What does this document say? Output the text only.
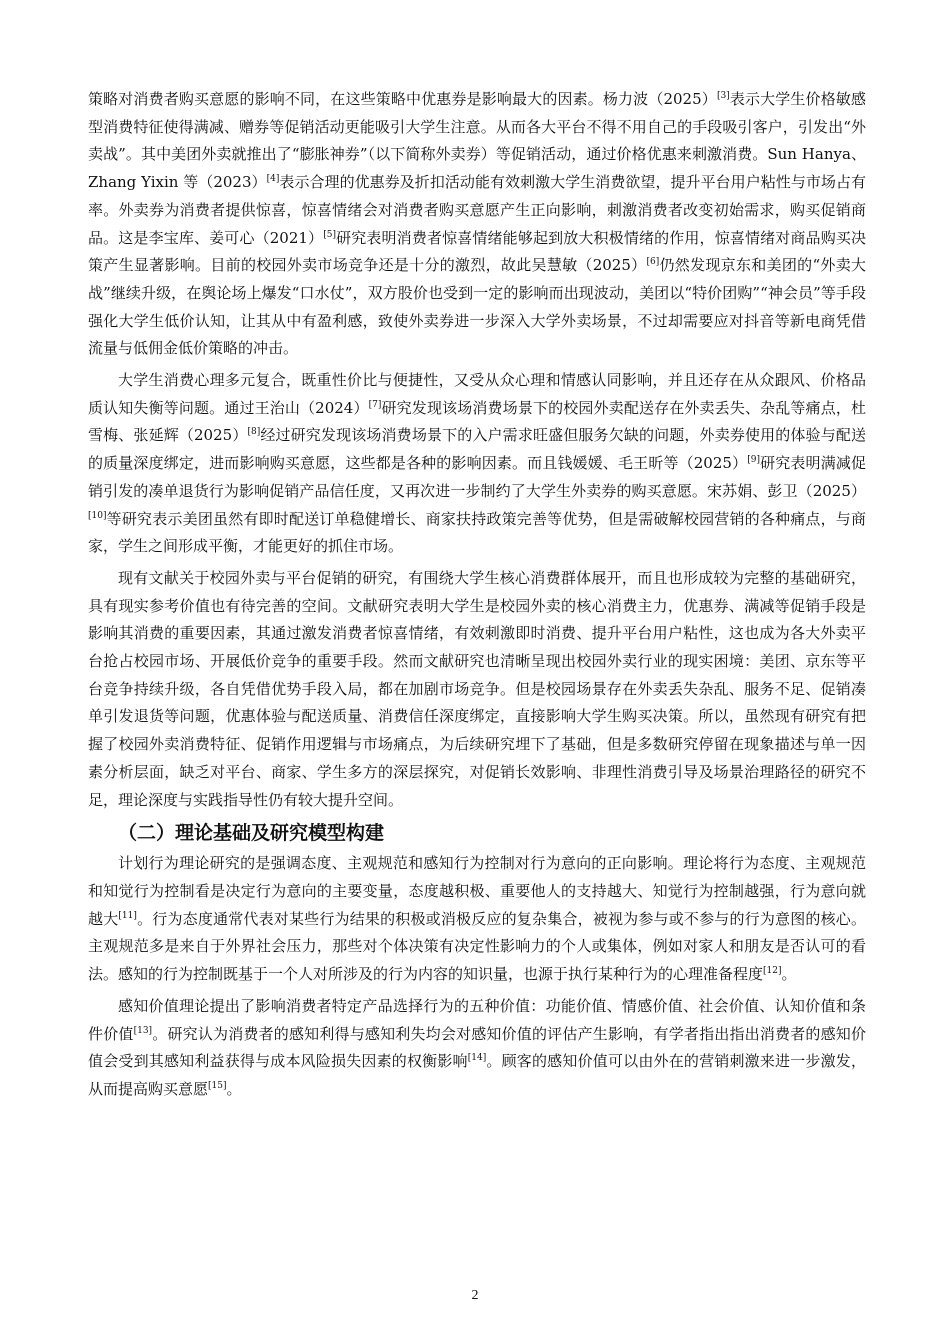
策略对消费者购买意愿的影响不同，在这些策略中优惠券是影响最大的因素。杨力波（2025）[3]表示大学生价格敏感型消费特征使得满减、赠券等促销活动更能吸引大学生注意。从而各大平台不得不用自己的手段吸引客户，引发出“外卖战”。其中美团外卖就推出了“膨胀神券”（以下简称外卖券）等促销活动，通过价格优惠来刺激消费。Sun Hanya、Zhang Yixin 等（2023）[4]表示合理的优惠券及折扣活动能有效刺激大学生消费欲望，提升平台用户粘性与市场占有率。外卖券为消费者提供惊喜，惊喜情绪会对消费者购买意愿产生正向影响，刺激消费者改变初始需求，购买促销商品。这是李宝库、姜可心（2021）[5]研究表明消费者惊喜情绪能够起到放大积极情绪的作用，惊喜情绪对商品购买决策产生显著影响。目前的校园外卖市场竞争还是十分的激烈，故此吴慧敏（2025）[6]仍然发现京东和美团的“外卖大战”继续升级，在舆论场上爆发“口水仗”，双方股价也受到一定的影响而出现波动，美团以“特价团购”“神会员”等手段强化大学生低价认知，让其从中有盈利感，致使外卖券进一步深入大学外卖场景，不过却需要应对抖音等新电商凭借流量与低佣金低价策略的冲击。

大学生消费心理多元复合，既重性价比与便捷性，又受从众心理和情感认同影响，并且还存在从众跟风、价格品质认知失衡等问题。通过王治山（2024）[7]研究发现该场消费场景下的校园外卖配送存在外卖丢失、杂乱等痛点，杜雪梅、张延辉（2025）[8]经过研究发现该场消费场景下的入户需求旺盛但服务欠缺的问题，外卖券使用的体验与配送的质量深度绑定，进而影响购买意愿，这些都是各种的影响因素。而且钱媛媛、毛王昕等（2025）[9]研究表明满减促销引发的凑单退货行为影响促销产品信任度，又再次进一步制约了大学生外卖券的购买意愿。宋苏娟、彭卫（2025）[10]等研究表示美团虽然有即时配送订单稳健增长、商家扶持政策完善等优势，但是需破解校园营销的各种痛点，与商家，学生之间形成平衡，才能更好的抓住市场。

现有文献关于校园外卖与平台促销的研究，有围绕大学生核心消费群体展开，而且也形成较为完整的基础研究，具有现实参考价值也有待完善的空间。文献研究表明大学生是校园外卖的核心消费主力，优惠券、满减等促销手段是影响其消费的重要因素，其通过激发消费者惊喜情绪，有效刺激即时消费、提升平台用户粘性，这也成为各大外卖平台抢占校园市场、开展低价竞争的重要手段。然而文献研究也清晰呈现出校园外卖行业的现实困境：美团、京东等平台竞争持续升级，各自凭借优势手段入局，都在加剧市场竞争。但是校园场景存在外卖丢失杂乱、服务不足、促销凑单引发退货等问题，优惠体验与配送质量、消费信任深度绑定，直接影响大学生购买决策。所以，虽然现有研究有把握了校园外卖消费特征、促销作用逻辑与市场痛点，为后续研究埋下了基础，但是多数研究停留在现象描述与单一因素分析层面，缺乏对平台、商家、学生多方的深层探究，对促销长效影响、非理性消费引导及场景治理路径的研究不足，理论深度与实践指导性仍有较大提升空间。

（二）理论基础及研究模型构建

计划行为理论研究的是强调态度、主观规范和感知行为控制对行为意向的正向影响。理论将行为态度、主观规范和知觉行为控制看是决定行为意向的主要变量，态度越积极、重要他人的支持越大、知觉行为控制越强，行为意向就越大[11]。行为态度通常代表对某些行为结果的积极或消极反应的复杂集合，被视为参与或不参与的行为意图的核心。主观规范多是来自于外界社会压力，那些对个体决策有决定性影响力的个人或集体，例如对家人和朋友是否认可的看法。感知的行为控制既基于一个人对所涉及的行为内容的知识量，也源于执行某种行为的心理准备程度[12]。

感知价值理论提出了影响消费者特定产品选择行为的五种价值：功能价值、情感价值、社会价值、认知价值和条件价值[13]。研究认为消费者的感知利得与感知利失均会对感知价值的评估产生影响，有学者指出指出消费者的感知价值会受到其感知利益获得与成本风险损失因素的权衡影响[14]。顾客的感知价值可以由外在的营销刺激来进一步激发，从而提高购买意愿[15]。

2
